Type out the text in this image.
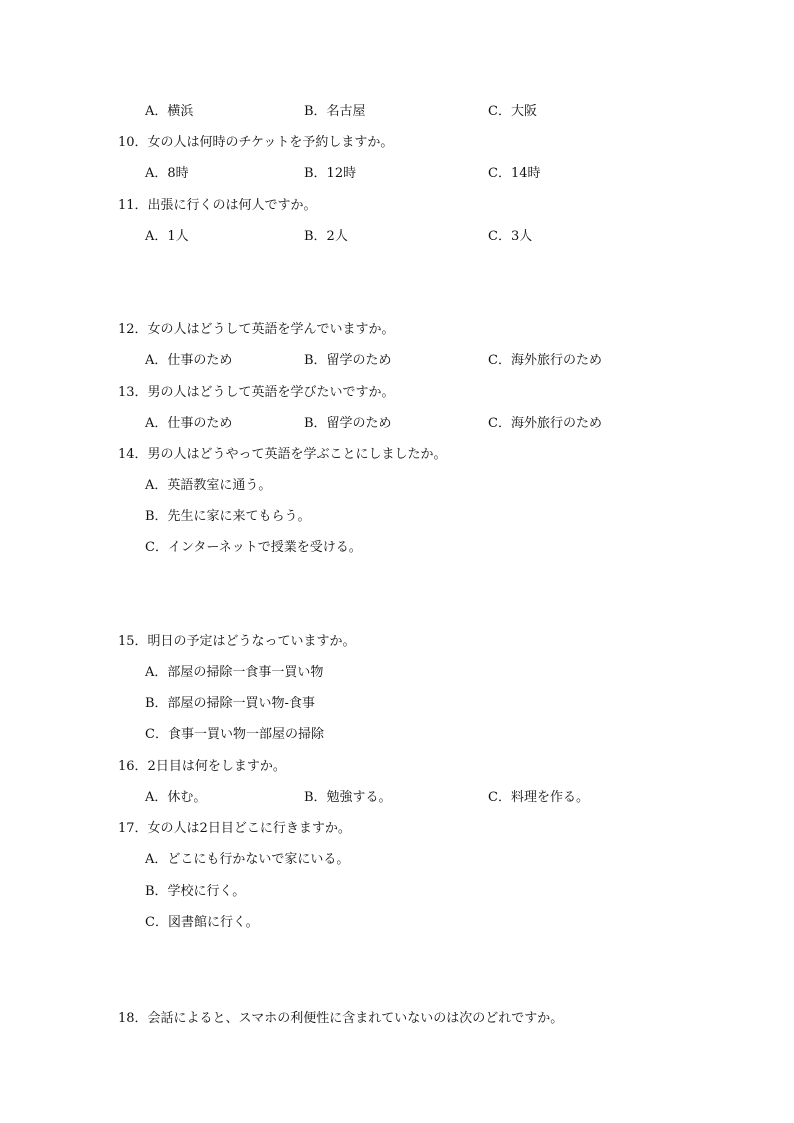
A．横浜	B．名古屋	C．大阪
10．女の人は何時のチケットを予約しますか。
A．8時	B．12時	C．14時
11．出張に行くのは何人ですか。
A．1人	B．2人	C．3人
12．女の人はどうして英語を学んでいますか。
A．仕事のため	B．留学のため	C．海外旅行のため
13．男の人はどうして英語を学びたいですか。
A．仕事のため	B．留学のため	C．海外旅行のため
14．男の人はどうやって英語を学ぶことにしましたか。
A．英語教室に通う。
B．先生に家に来てもらう。
C．インターネットで授業を受ける。
15．明日の予定はどうなっていますか。
A．部屋の掃除一食事一買い物
B．部屋の掃除一買い物-食事
C．食事一買い物一部屋の掃除
16．2日目は何をしますか。
A．休む。	B．勉強する。	C．料理を作る。
17．女の人は2日目どこに行きますか。
A．どこにも行かないで家にいる。
B．学校に行く。
C．図書館に行く。
18．会話によると、スマホの利便性に含まれていないのは次のどれですか。
